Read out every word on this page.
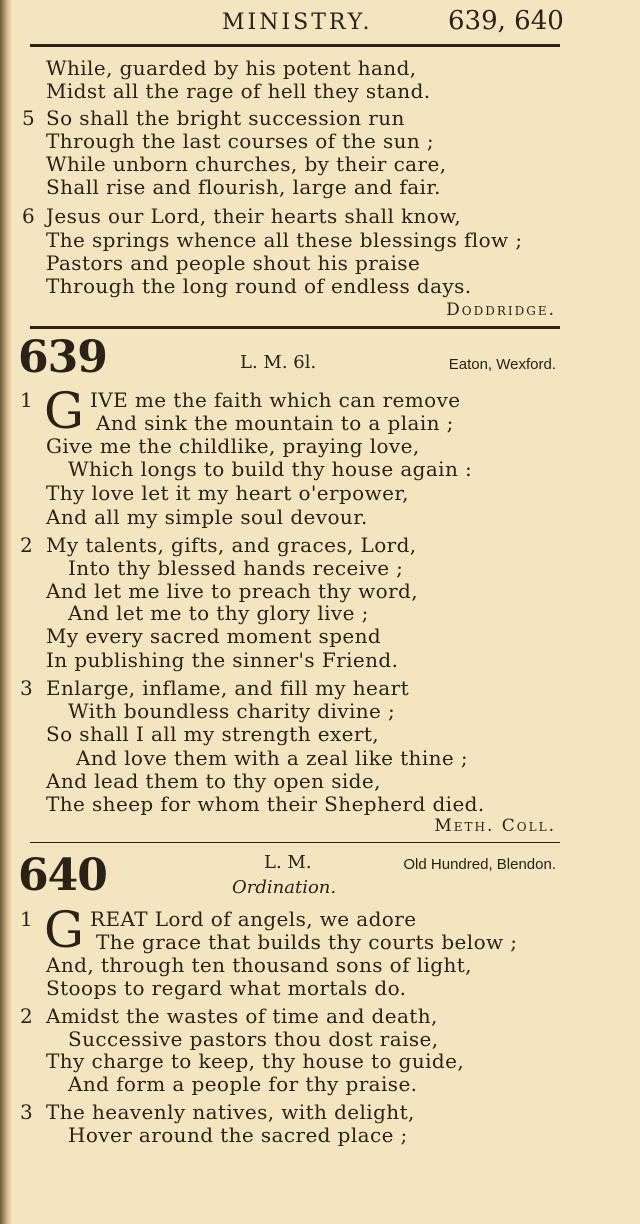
MINISTRY.	639, 640
While, guarded by his potent hand,
Midst all the rage of hell they stand.
5 So shall the bright succession run
Through the last courses of the sun ;
While unborn churches, by their care,
Shall rise and flourish, large and fair.
6 Jesus our Lord, their hearts shall know,
The springs whence all these blessings flow ;
Pastors and people shout his praise
Through the long round of endless days.
Doddridge.
639	L. M. 6l.	Eaton, Wexford.
1 G IVE me the faith which can remove
And sink the mountain to a plain ;
Give me the childlike, praying love,
Which longs to build thy house again :
Thy love let it my heart o'erpower,
And all my simple soul devour.
2 My talents, gifts, and graces, Lord,
Into thy blessed hands receive ;
And let me live to preach thy word,
And let me to thy glory live ;
My every sacred moment spend
In publishing the sinner's Friend.
3 Enlarge, inflame, and fill my heart
With boundless charity divine ;
So shall I all my strength exert,
And love them with a zeal like thine ;
And lead them to thy open side,
The sheep for whom their Shepherd died.
Meth. Coll.
640	L. M.	Old Hundred, Blendon.
Ordination.
1 G REAT Lord of angels, we adore
The grace that builds thy courts below ;
And, through ten thousand sons of light,
Stoops to regard what mortals do.
2 Amidst the wastes of time and death,
Successive pastors thou dost raise,
Thy charge to keep, thy house to guide,
And form a people for thy praise.
3 The heavenly natives, with delight,
Hover around the sacred place ;
